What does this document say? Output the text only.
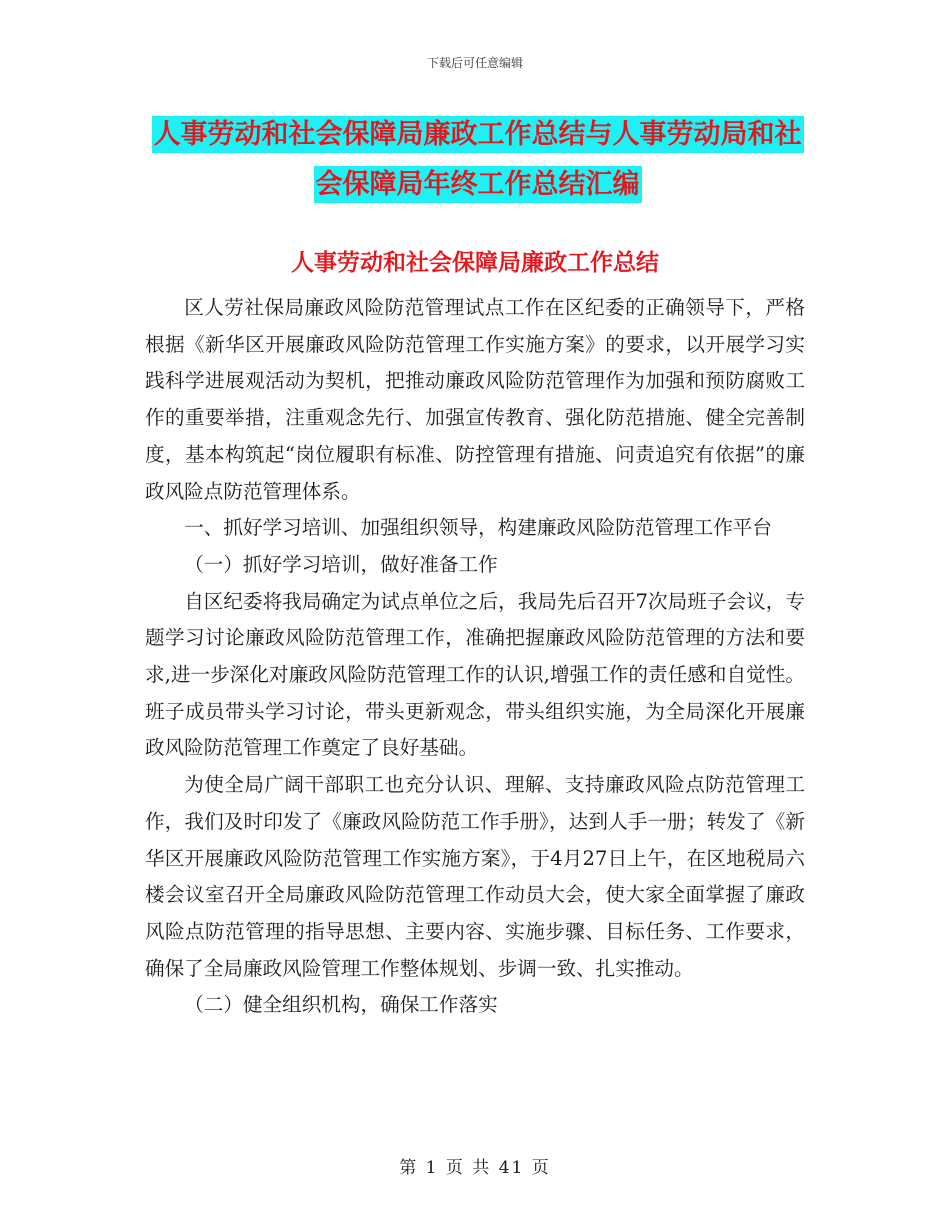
下载后可任意编辑
人事劳动和社会保障局廉政工作总结与人事劳动局和社会保障局年终工作总结汇编
人事劳动和社会保障局廉政工作总结

区人劳社保局廉政风险防范管理试点工作在区纪委的正确领导下，严格根据《新华区开展廉政风险防范管理工作实施方案》的要求，以开展学习实践科学进展观活动为契机，把推动廉政风险防范管理作为加强和预防腐败工作的重要举措，注重观念先行、加强宣传教育、强化防范措施、健全完善制度，基本构筑起“岗位履职有标准、防控管理有措施、问责追究有依据”的廉政风险点防范管理体系。

一、抓好学习培训、加强组织领导，构建廉政风险防范管理工作平台

（一）抓好学习培训，做好准备工作

自区纪委将我局确定为试点单位之后，我局先后召开7次局班子会议，专题学习讨论廉政风险防范管理工作，准确把握廉政风险防范管理的方法和要求,进一步深化对廉政风险防范管理工作的认识,增强工作的责任感和自觉性。班子成员带头学习讨论，带头更新观念，带头组织实施，为全局深化开展廉政风险防范管理工作奠定了良好基础。

为使全局广阔干部职工也充分认识、理解、支持廉政风险点防范管理工作，我们及时印发了《廉政风险防范工作手册》，达到人手一册；转发了《新华区开展廉政风险防范管理工作实施方案》，于4月27日上午，在区地税局六楼会议室召开全局廉政风险防范管理工作动员大会，使大家全面掌握了廉政风险点防范管理的指导思想、主要内容、实施步骤、目标任务、工作要求，确保了全局廉政风险管理工作整体规划、步调一致、扎实推动。

（二）健全组织机构，确保工作落实

第 1 页 共 41 页
